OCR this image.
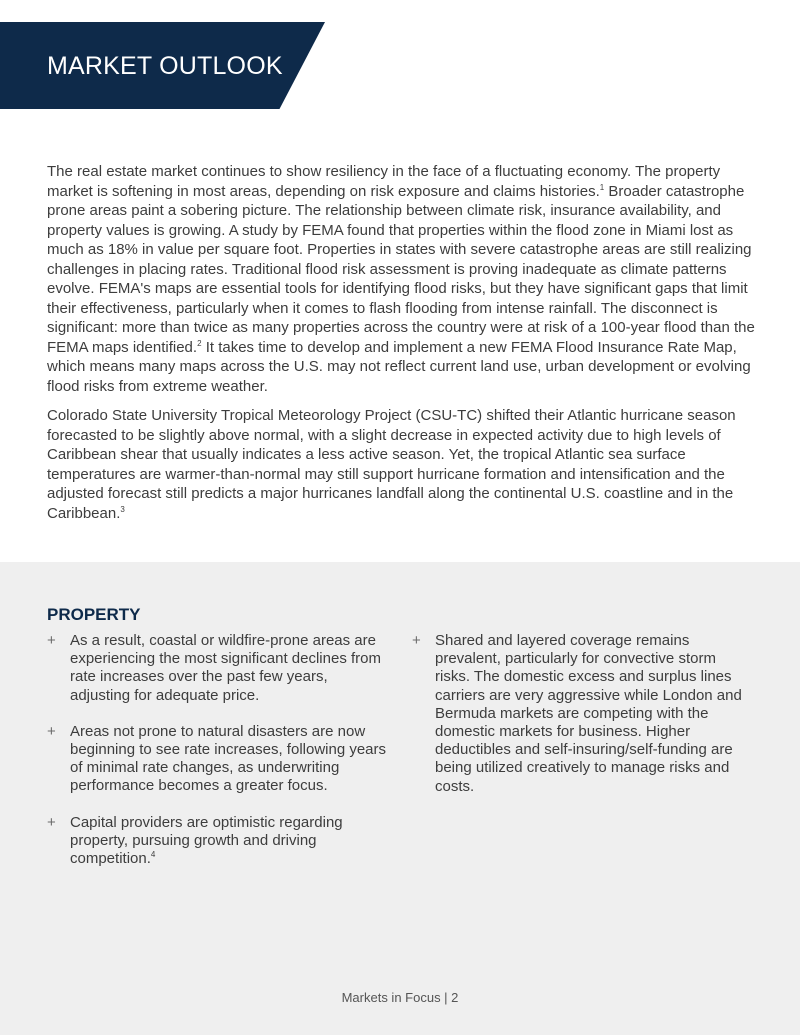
MARKET OUTLOOK

The real estate market continues to show resiliency in the face of a fluctuating economy. The property market is softening in most areas, depending on risk exposure and claims histories.$^1$ Broader catastrophe prone areas paint a sobering picture. The relationship between climate risk, insurance availability, and property values is growing. A study by FEMA found that properties within the flood zone in Miami lost as much as 18% in value per square foot. Properties in states with severe catastrophe areas are still realizing challenges in placing rates. Traditional flood risk assessment is proving inadequate as climate patterns evolve. FEMA's maps are essential tools for identifying flood risks, but they have significant gaps that limit their effectiveness, particularly when it comes to flash flooding from intense rainfall. The disconnect is significant: more than twice as many properties across the country were at risk of a 100-year flood than the FEMA maps identified.$^2$ It takes time to develop and implement a new FEMA Flood Insurance Rate Map, which means many maps across the U.S. may not reflect current land use, urban development or evolving flood risks from extreme weather.

Colorado State University Tropical Meteorology Project (CSU-TC) shifted their Atlantic hurricane season forecasted to be slightly above normal, with a slight decrease in expected activity due to high levels of Caribbean shear that usually indicates a less active season. Yet, the tropical Atlantic sea surface temperatures are warmer-than-normal may still support hurricane formation and intensification and the adjusted forecast still predicts a major hurricanes landfall along the continental U.S. coastline and in the Caribbean.$^3$

PROPERTY
+ As a result, coastal or wildfire-prone areas are experiencing the most significant declines from rate increases over the past few years, adjusting for adequate price.
+ Areas not prone to natural disasters are now beginning to see rate increases, following years of minimal rate changes, as underwriting performance becomes a greater focus.
+ Capital providers are optimistic regarding property, pursuing growth and driving competition.$^4$
+ Shared and layered coverage remains prevalent, particularly for convective storm risks. The domestic excess and surplus lines carriers are very aggressive while London and Bermuda markets are competing with the domestic markets for business. Higher deductibles and self-insuring/self-funding are being utilized creatively to manage risks and costs.
Markets in Focus | 2
